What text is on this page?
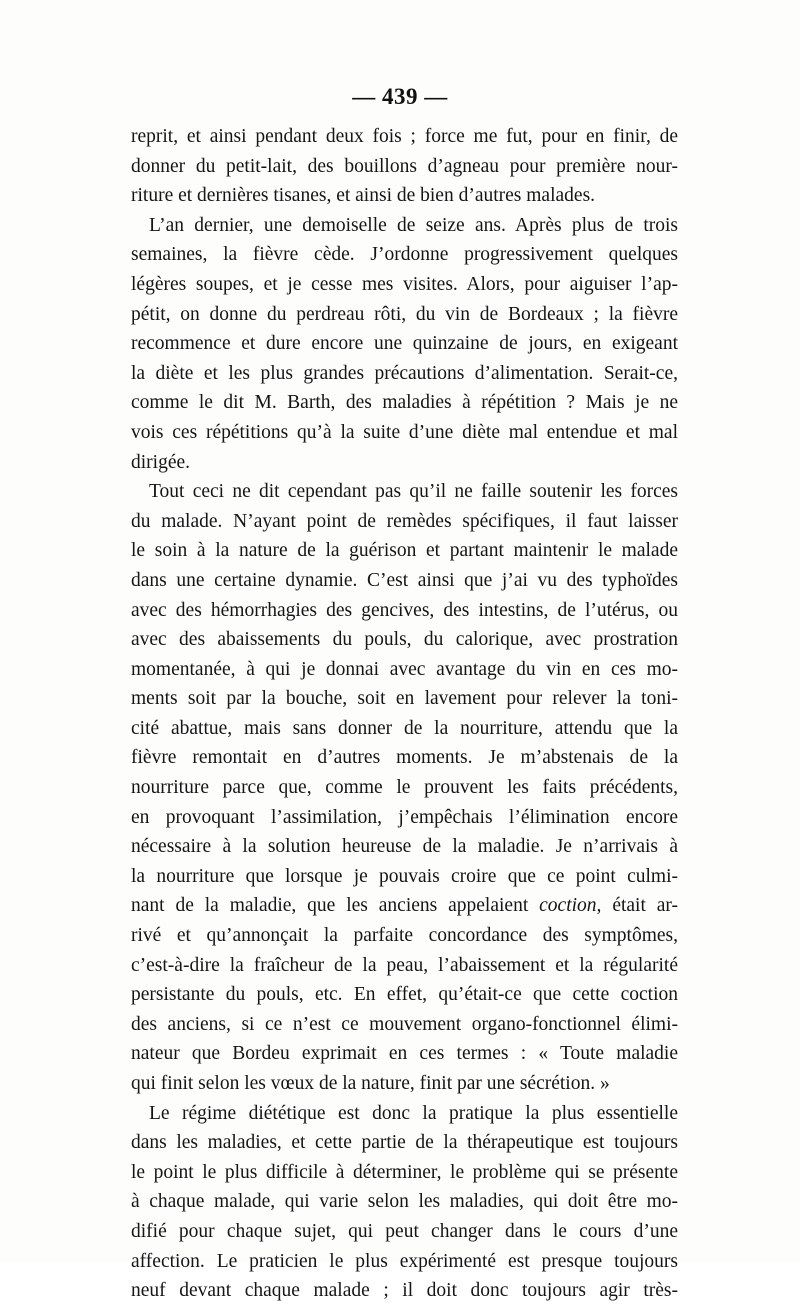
— 439 —
reprit, et ainsi pendant deux fois ; force me fut, pour en finir, de
donner du petit-lait, des bouillons d’agneau pour première nour-
riture et dernières tisanes, et ainsi de bien d’autres malades.
L’an dernier, une demoiselle de seize ans. Après plus de trois
semaines, la fièvre cède. J’ordonne progressivement quelques
légères soupes, et je cesse mes visites. Alors, pour aiguiser l’ap-
pétit, on donne du perdreau rôti, du vin de Bordeaux ; la fièvre
recommence et dure encore une quinzaine de jours, en exigeant
la diète et les plus grandes précautions d’alimentation. Serait-ce,
comme le dit M. Barth, des maladies à répétition ? Mais je ne
vois ces répétitions qu’à la suite d’une diète mal entendue et mal
dirigée.
Tout ceci ne dit cependant pas qu’il ne faille soutenir les forces
du malade. N’ayant point de remèdes spécifiques, il faut laisser
le soin à la nature de la guérison et partant maintenir le malade
dans une certaine dynamie. C’est ainsi que j’ai vu des typhoïdes
avec des hémorrhagies des gencives, des intestins, de l’utérus, ou
avec des abaissements du pouls, du calorique, avec prostration
momentanée, à qui je donnai avec avantage du vin en ces mo-
ments soit par la bouche, soit en lavement pour relever la toni-
cité abattue, mais sans donner de la nourriture, attendu que la
fièvre remontait en d’autres moments. Je m’abstenais de la
nourriture parce que, comme le prouvent les faits précédents,
en provoquant l’assimilation, j’empêchais l’élimination encore
nécessaire à la solution heureuse de la maladie. Je n’arrivais à
la nourriture que lorsque je pouvais croire que ce point culmi-
nant de la maladie, que les anciens appelaient coction, était ar-
rivé et qu’annonçait la parfaite concordance des symptômes,
c’est-à-dire la fraîcheur de la peau, l’abaissement et la régularité
persistante du pouls, etc. En effet, qu’était-ce que cette coction
des anciens, si ce n’est ce mouvement organo-fonctionnel élimi-
nateur que Bordeu exprimait en ces termes : « Toute maladie
qui finit selon les vœux de la nature, finit par une sécrétion. »
Le régime diététique est donc la pratique la plus essentielle
dans les maladies, et cette partie de la thérapeutique est toujours
le point le plus difficile à déterminer, le problème qui se présente
à chaque malade, qui varie selon les maladies, qui doit être mo-
difié pour chaque sujet, qui peut changer dans le cours d’une
affection. Le praticien le plus expérimenté est presque toujours
neuf devant chaque malade ; il doit donc toujours agir très-
